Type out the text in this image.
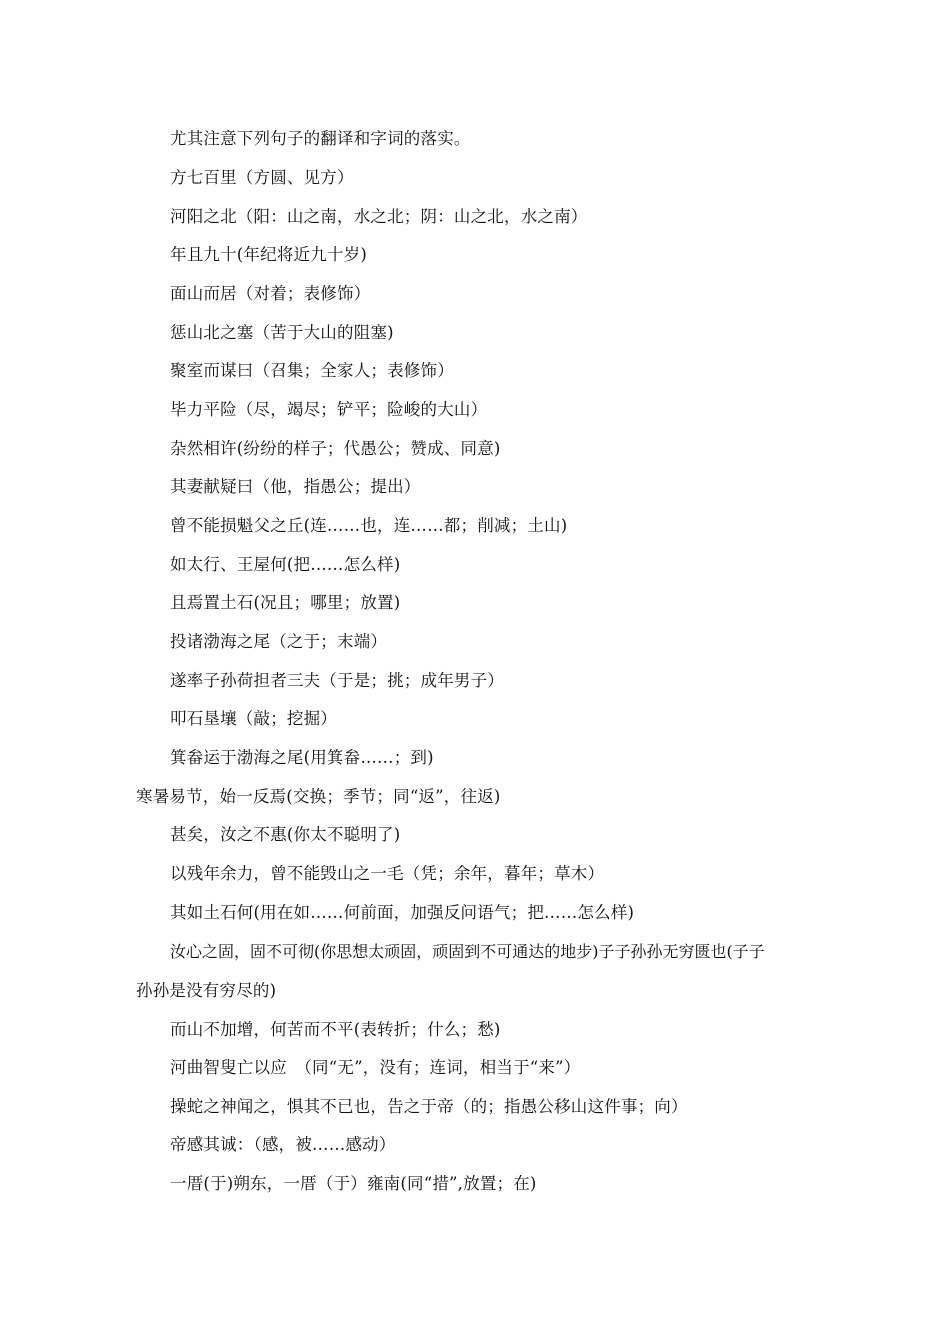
尤其注意下列句子的翻译和字词的落实。
方七百里（方圆、见方）
河阳之北（阳：山之南，水之北；阴：山之北，水之南）
年且九十(年纪将近九十岁)
面山而居（对着；表修饰）
惩山北之塞（苦于大山的阻塞)
聚室而谋曰（召集；全家人；表修饰）
毕力平险（尽，竭尽；铲平；险峻的大山）
杂然相许(纷纷的样子；代愚公；赞成、同意)
其妻献疑曰（他，指愚公；提出）
曾不能损魁父之丘(连……也，连……都；削减；土山)
如太行、王屋何(把……怎么样)
且焉置土石(况且；哪里；放置)
投诸渤海之尾（之于；末端）
遂率子孙荷担者三夫（于是；挑；成年男子）
叩石垦壤（敲；挖掘）
箕畚运于渤海之尾(用箕畚……；到)
寒暑易节，始一反焉(交换；季节；同“返”，往返)
甚矣，汝之不惠(你太不聪明了)
以残年余力，曾不能毁山之一毛（凭；余年，暮年；草木）
其如土石何(用在如……何前面，加强反问语气；把……怎么样)
汝心之固，固不可彻(你思想太顽固，顽固到不可通达的地步)子子孙孙无穷匮也(子子
孙孙是没有穷尽的)
而山不加增，何苦而不平(表转折；什么；愁)
河曲智叟亡以应　（同“无”，没有；连词，相当于“来”）
操蛇之神闻之，惧其不已也，告之于帝（的；指愚公移山这件事；向）
帝感其诚：（感，被……感动）
一厝(于)朔东，一厝（于）雍南(同“措”,放置；在)
